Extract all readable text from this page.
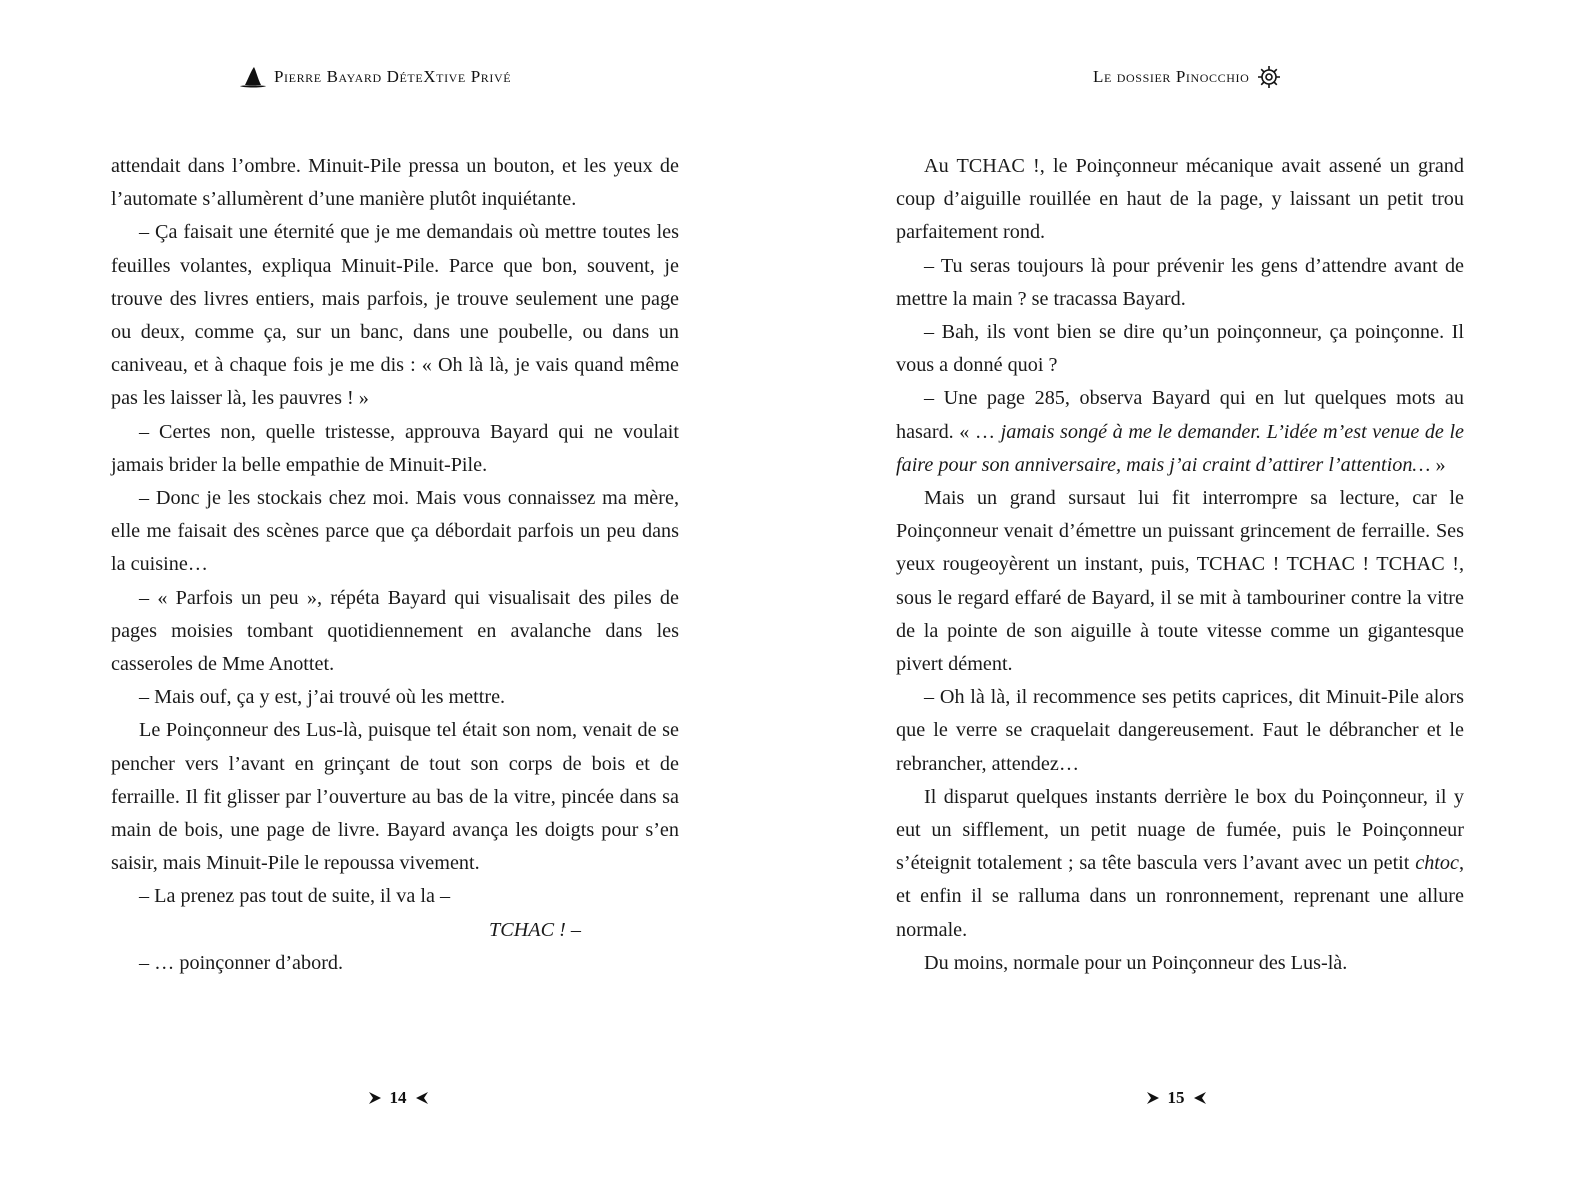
Pierre Bayard DéteXtive Privé

attendait dans l’ombre. Minuit-Pile pressa un bouton, et les yeux de l’automate s’allumèrent d’une manière plutôt inquiétante.

– Ça faisait une éternité que je me demandais où mettre toutes les feuilles volantes, expliqua Minuit-Pile. Parce que bon, souvent, je trouve des livres entiers, mais parfois, je trouve seulement une page ou deux, comme ça, sur un banc, dans une poubelle, ou dans un caniveau, et à chaque fois je me dis : « Oh là là, je vais quand même pas les laisser là, les pauvres ! »

– Certes non, quelle tristesse, approuva Bayard qui ne voulait jamais brider la belle empathie de Minuit-Pile.

– Donc je les stockais chez moi. Mais vous connaissez ma mère, elle me faisait des scènes parce que ça débordait parfois un peu dans la cuisine…

– « Parfois un peu », répéta Bayard qui visualisait des piles de pages moisies tombant quotidiennement en avalanche dans les casseroles de Mme Anottet.

– Mais ouf, ça y est, j’ai trouvé où les mettre.

Le Poinçonneur des Lus-là, puisque tel était son nom, venait de se pencher vers l’avant en grinçant de tout son corps de bois et de ferraille. Il fit glisser par l’ouverture au bas de la vitre, pincée dans sa main de bois, une page de livre. Bayard avança les doigts pour s’en saisir, mais Minuit-Pile le repoussa vivement.

– La prenez pas tout de suite, il va la –

TCHAC ! –

– … poinçonner d’abord.

14
Le dossier Pinocchio

Au TCHAC !, le Poinçonneur mécanique avait assené un grand coup d’aiguille rouillée en haut de la page, y laissant un petit trou parfaitement rond.

– Tu seras toujours là pour prévenir les gens d’attendre avant de mettre la main ? se tracassa Bayard.

– Bah, ils vont bien se dire qu’un poinçonneur, ça poinçonne. Il vous a donné quoi ?

– Une page 285, observa Bayard qui en lut quelques mots au hasard. « … jamais songé à me le demander. L’idée m’est venue de le faire pour son anniversaire, mais j’ai craint d’attirer l’attention… »

Mais un grand sursaut lui fit interrompre sa lecture, car le Poinçonneur venait d’émettre un puissant grincement de ferraille. Ses yeux rougeoyèrent un instant, puis, TCHAC ! TCHAC ! TCHAC !, sous le regard effaré de Bayard, il se mit à tambouriner contre la vitre de la pointe de son aiguille à toute vitesse comme un gigantesque pivert dément.

– Oh là là, il recommence ses petits caprices, dit Minuit-Pile alors que le verre se craquelait dangereusement. Faut le débrancher et le rebrancher, attendez…

Il disparut quelques instants derrière le box du Poinçonneur, il y eut un sifflement, un petit nuage de fumée, puis le Poinçonneur s’éteignit totalement ; sa tête bascula vers l’avant avec un petit chtoc, et enfin il se ralluma dans un ronronnement, reprenant une allure normale.

Du moins, normale pour un Poinçonneur des Lus-là.

15
